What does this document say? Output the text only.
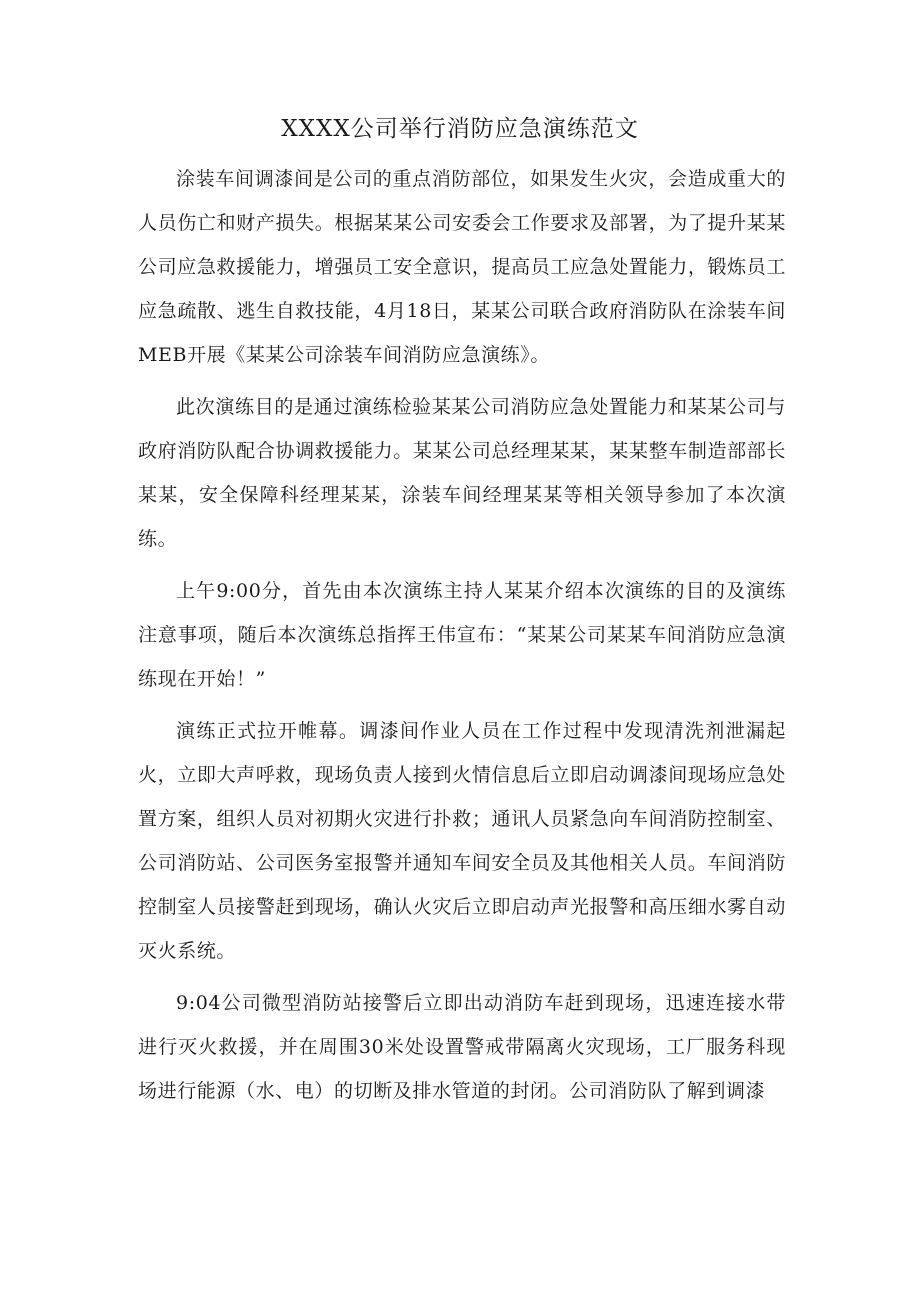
XXXX公司举行消防应急演练范文

涂装车间调漆间是公司的重点消防部位，如果发生火灾，会造成重大的人员伤亡和财产损失。根据某某公司安委会工作要求及部署，为了提升某某公司应急救援能力，增强员工安全意识，提高员工应急处置能力，锻炼员工应急疏散、逃生自救技能，4月18日，某某公司联合政府消防队在涂装车间MEB开展《某某公司涂装车间消防应急演练》。

此次演练目的是通过演练检验某某公司消防应急处置能力和某某公司与政府消防队配合协调救援能力。某某公司总经理某某，某某整车制造部部长某某，安全保障科经理某某，涂装车间经理某某等相关领导参加了本次演练。

上午9:00分，首先由本次演练主持人某某介绍本次演练的目的及演练注意事项，随后本次演练总指挥王伟宣布：“某某公司某某车间消防应急演练现在开始！”

演练正式拉开帷幕。调漆间作业人员在工作过程中发现清洗剂泄漏起火，立即大声呼救，现场负责人接到火情信息后立即启动调漆间现场应急处置方案，组织人员对初期火灾进行扑救；通讯人员紧急向车间消防控制室、公司消防站、公司医务室报警并通知车间安全员及其他相关人员。车间消防控制室人员接警赶到现场，确认火灾后立即启动声光报警和高压细水雾自动灭火系统。

9:04公司微型消防站接警后立即出动消防车赶到现场，迅速连接水带进行灭火救援，并在周围30米处设置警戒带隔离火灾现场，工厂服务科现场进行能源（水、电）的切断及排水管道的封闭。公司消防队了解到调漆
